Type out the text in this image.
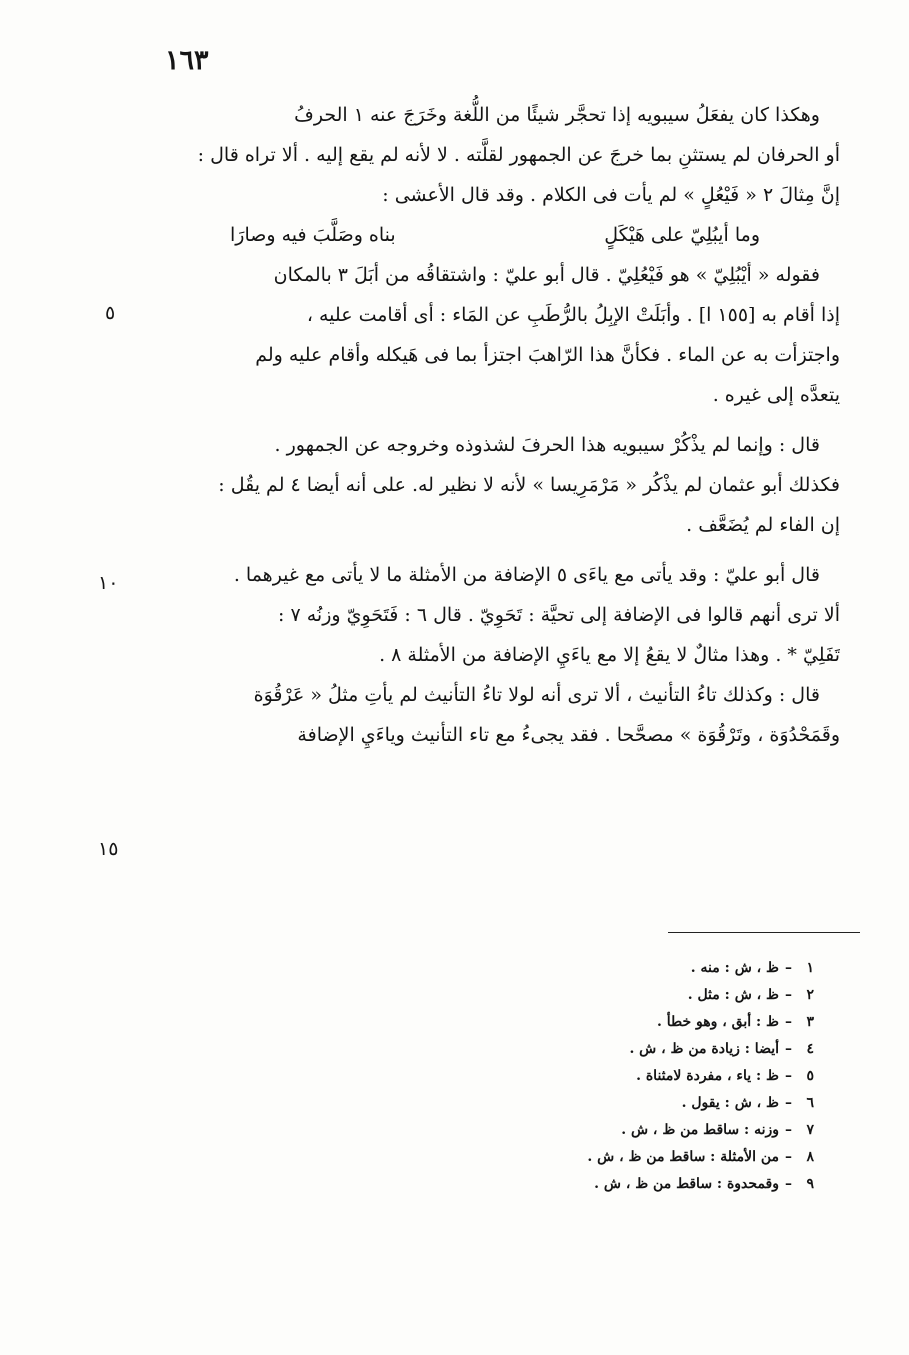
١٦٣
وهكذا كان يفعَلُ سيبويه إذا تحجَّر شيئًا من اللُّغة وخَرَجَ عنه ١ الحرفُ
أو الحرفان لم يستثنِ بما خرجَ عن الجمهور لقلَّته . لا لأنه لم يقع إليه . ألا تراه قال :
إنَّ مِثالَ ٢ « فَيْعُلٍ » لم يأت فى الكلام . وقد قال الأعشى :
وما أيبُلِيّ على هَيْكَلٍ
بناه وصَلَّبَ فيه وصارَا
فقوله « أيْبُلِيّ » هو فَيْعُلِيّ . قال أبو عليّ : واشتقاقُه من أبَلَ ٣ بالمكان
إذا أقام به [١٥٥ ا] . وأبَلَتْ الإبِلُ بالرُّطَبِ عن المَاء : أى أقامت عليه ،
واجتزأت به عن الماء . فكأنَّ هذا الرّاهبَ اجتزأ بما فى هَيكله وأقام عليه ولم
يتعدَّه إلى غيره .
قال : وإنما لم يذْكُرْ سيبويه هذا الحرفَ لشذوذه وخروجه عن الجمهور .
فكذلك أبو عثمان لم يذْكُر « مَرْمَرِيسا » لأنه لا نظير له. على أنه أيضا ٤ لم يقُل :
إن الفاء لم يُضَعَّف .
قال أبو عليّ : وقد يأتى مع ياءَى ٥ الإضافة من الأمثلة ما لا يأتى مع غيرهما .
ألا ترى أنهم قالوا فى الإضافة إلى تحيَّة : تَحَوِيّ . قال ٦ : فَتَحَوِيّ وزنُه ٧ :
تَفَلِيّ * . وهذا مثالٌ لا يقعُ إلا مع ياءَيِ الإضافة من الأمثلة ٨ .
قال : وكذلك تاءُ التأنيث ، ألا ترى أنه لولا تاءُ التأنيث لم يأتِ مثلُ « عَرْقُوَة
وقَمَحْدُوَة ، وتَرْقُوَة » مصحَّحا . فقد يجىءُ مع تاء التأنيث وياءَيِ الإضافة
٥
١٠
١٥
١–ظ ، ش : منه .
٢–ظ ، ش : مثل .
٣–ظ : أبق ، وهو خطأ .
٤–أيضا : زيادة من ظ ، ش .
٥–ظ : ياء ، مفردة لامثناة .
٦–ظ ، ش : يقول .
٧–وزنه : ساقط من ظ ، ش .
٨–من الأمثلة : ساقط من ظ ، ش .
٩–وقمحدوة : ساقط من ظ ، ش .
